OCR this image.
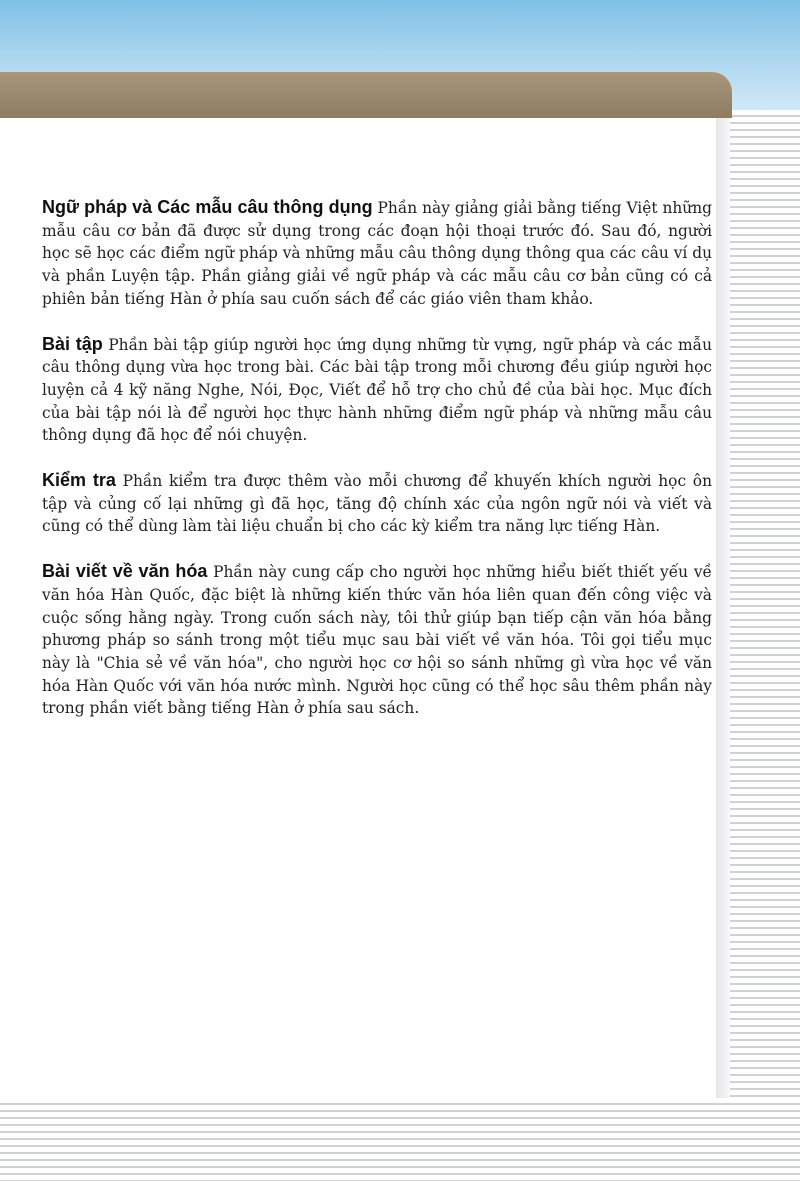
Ngữ pháp và Các mẫu câu thông dụng Phần này giảng giải bằng tiếng Việt những mẫu câu cơ bản đã được sử dụng trong các đoạn hội thoại trước đó. Sau đó, người học sẽ học các điểm ngữ pháp và những mẫu câu thông dụng thông qua các câu ví dụ và phần Luyện tập. Phần giảng giải về ngữ pháp và các mẫu câu cơ bản cũng có cả phiên bản tiếng Hàn ở phía sau cuốn sách để các giáo viên tham khảo.

Bài tập Phần bài tập giúp người học ứng dụng những từ vựng, ngữ pháp và các mẫu câu thông dụng vừa học trong bài. Các bài tập trong mỗi chương đều giúp người học luyện cả 4 kỹ năng Nghe, Nói, Đọc, Viết để hỗ trợ cho chủ đề của bài học. Mục đích của bài tập nói là để người học thực hành những điểm ngữ pháp và những mẫu câu thông dụng đã học để nói chuyện.

Kiểm tra Phần kiểm tra được thêm vào mỗi chương để khuyến khích người học ôn tập và củng cố lại những gì đã học, tăng độ chính xác của ngôn ngữ nói và viết và cũng có thể dùng làm tài liệu chuẩn bị cho các kỳ kiểm tra năng lực tiếng Hàn.

Bài viết về văn hóa Phần này cung cấp cho người học những hiểu biết thiết yếu về văn hóa Hàn Quốc, đặc biệt là những kiến thức văn hóa liên quan đến công việc và cuộc sống hằng ngày. Trong cuốn sách này, tôi thử giúp bạn tiếp cận văn hóa bằng phương pháp so sánh trong một tiểu mục sau bài viết về văn hóa. Tôi gọi tiểu mục này là "Chia sẻ về văn hóa", cho người học cơ hội so sánh những gì vừa học về văn hóa Hàn Quốc với văn hóa nước mình. Người học cũng có thể học sâu thêm phần này trong phần viết bằng tiếng Hàn ở phía sau sách.
